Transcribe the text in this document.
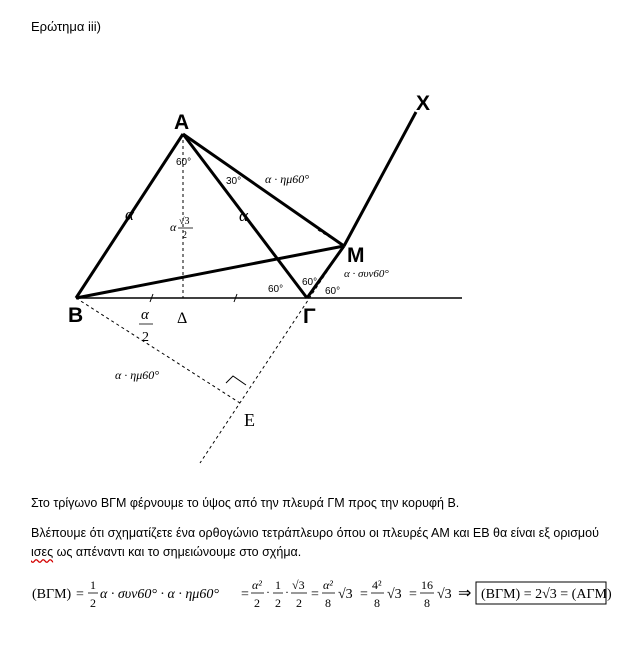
Ερώτημα iii)
A
B	Γ
M
X
Δ
E
α	α
α √3
2
α
2
α · ημ60°
α · συν60°
α · ημ60°
60°
30°
60°
60°
60°
Στο τρίγωνο ΒΓΜ φέρνουμε το ύψος από την πλευρά ΓΜ προς την κορυφή Β.
Βλέπουμε ότι σχηματίζετε ένα ορθογώνιο τετράπλευρο όπου οι πλευρές ΑΜ και ΕΒ θα είναι εξ ορισμού ισες ως απέναντι και το σημειώνουμε στο σχήμα.
(ΒΓΜ) =
1
2
α · συν60° · α · ημ60° =
α²
2
· 1
2
· √3
2
=
α²
8
√3 =
4²
8
√3 =
16
8
√3 ⇒ (ΒΓΜ) = 2√3 = (ΑΓΜ)
